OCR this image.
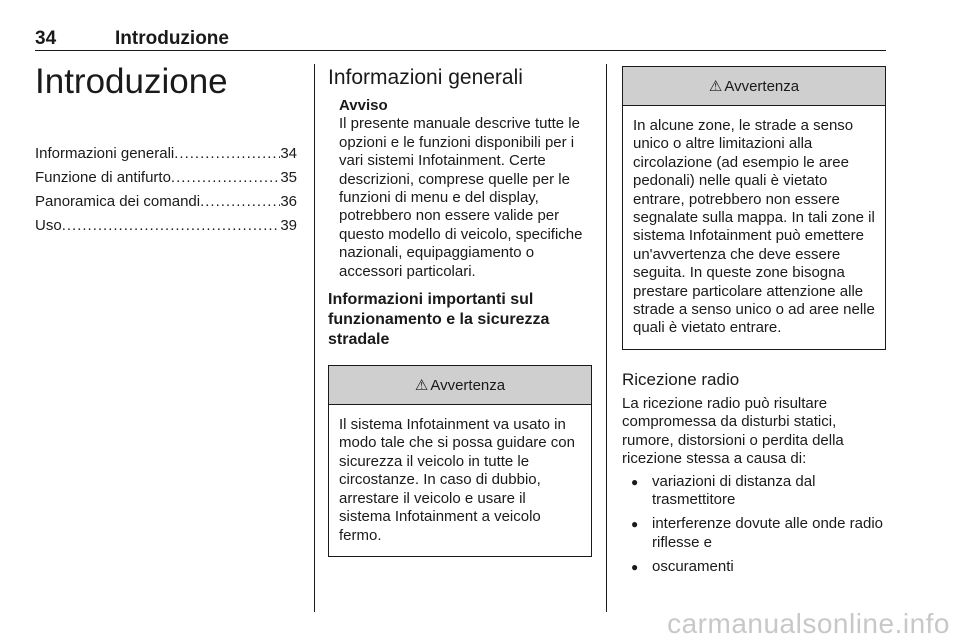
34	Introduzione
Introduzione
Informazioni generali .....	34
Funzione di antifurto .....	35
Panoramica dei comandi .....	36
Uso .....	39
Informazioni generali
Avviso
Il presente manuale descrive tutte le opzioni e le funzioni disponibili per i vari sistemi Infotainment. Certe descrizioni, comprese quelle per le funzioni di menu e del display, potrebbero non essere valide per questo modello di veicolo, specifiche nazionali, equipaggiamento o accessori particolari.
Informazioni importanti sul funzionamento e la sicurezza stradale
⚠ Avvertenza
Il sistema Infotainment va usato in modo tale che si possa guidare con sicurezza il veicolo in tutte le circostanze. In caso di dubbio, arrestare il veicolo e usare il sistema Infotainment a veicolo fermo.
⚠ Avvertenza
In alcune zone, le strade a senso unico o altre limitazioni alla circolazione (ad esempio le aree pedonali) nelle quali è vietato entrare, potrebbero non essere segnalate sulla mappa. In tali zone il sistema Infotainment può emettere un'avvertenza che deve essere seguita. In queste zone bisogna prestare particolare attenzione alle strade a senso unico o ad aree nelle quali è vietato entrare.
Ricezione radio
La ricezione radio può risultare compromessa da disturbi statici, rumore, distorsioni o perdita della ricezione stessa a causa di:
● variazioni di distanza dal trasmettitore
● interferenze dovute alle onde radio riflesse e
● oscuramenti
carmanualsonline.info
